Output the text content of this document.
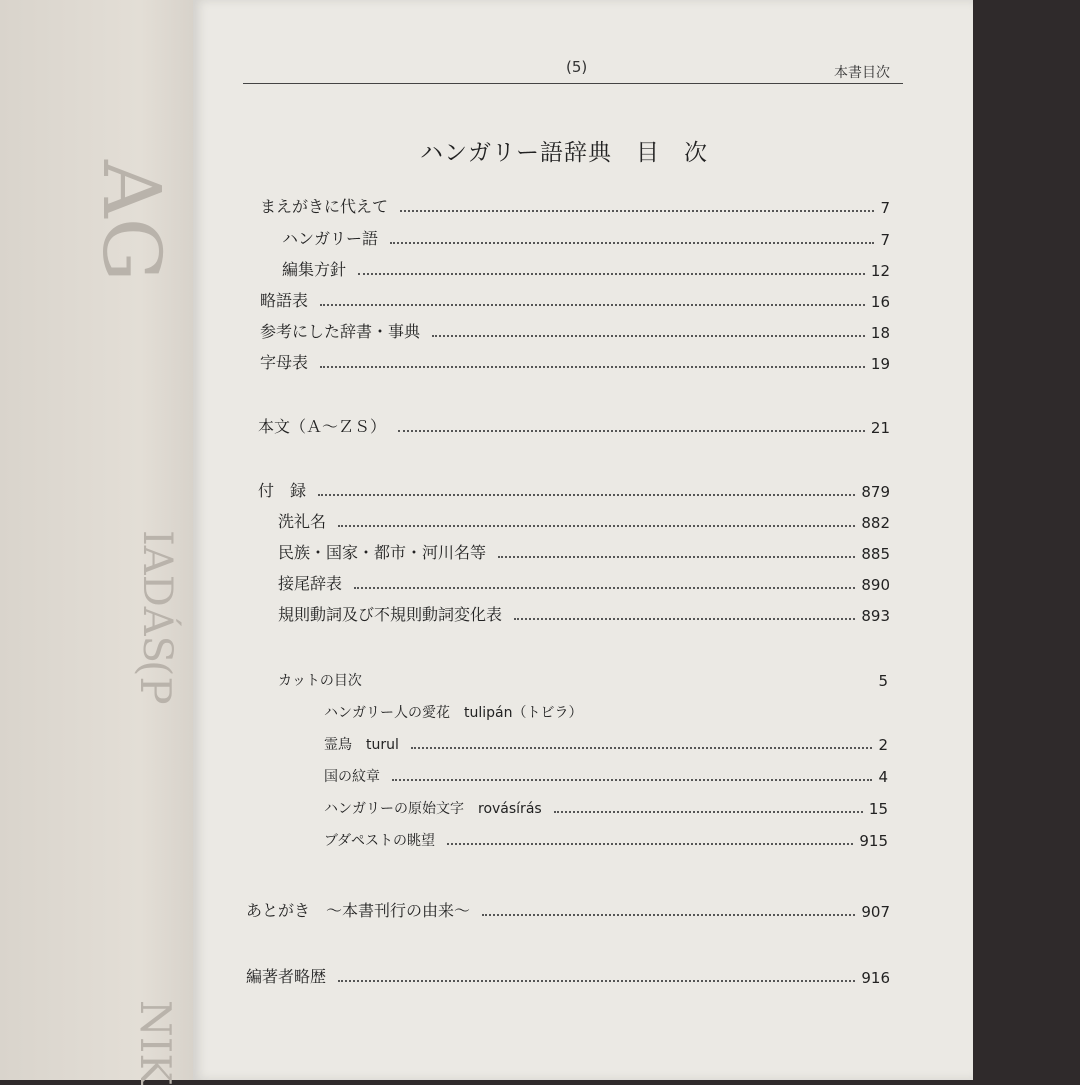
AG
IADÁS
(P
NIK
(5)	本書目次
ハンガリー語辞典 目　次
まえがきに代えて	7
ハンガリー語	7
編集方針	12
略語表	16
参考にした辞書・事典	18
字母表	19
本文（Ａ～ＺＳ）	21
付　録	879
洗礼名	882
民族・国家・都市・河川名等	885
接尾辞表	890
規則動詞及び不規則動詞変化表	893
カットの目次	5
ハンガリー人の愛花　tulipán（トビラ）
霊鳥　turul	2
国の紋章	4
ハンガリーの原始文字　rovásírás	15
ブダペストの眺望	915
あとがき　～本書刊行の由来～	907
編著者略歴	916
